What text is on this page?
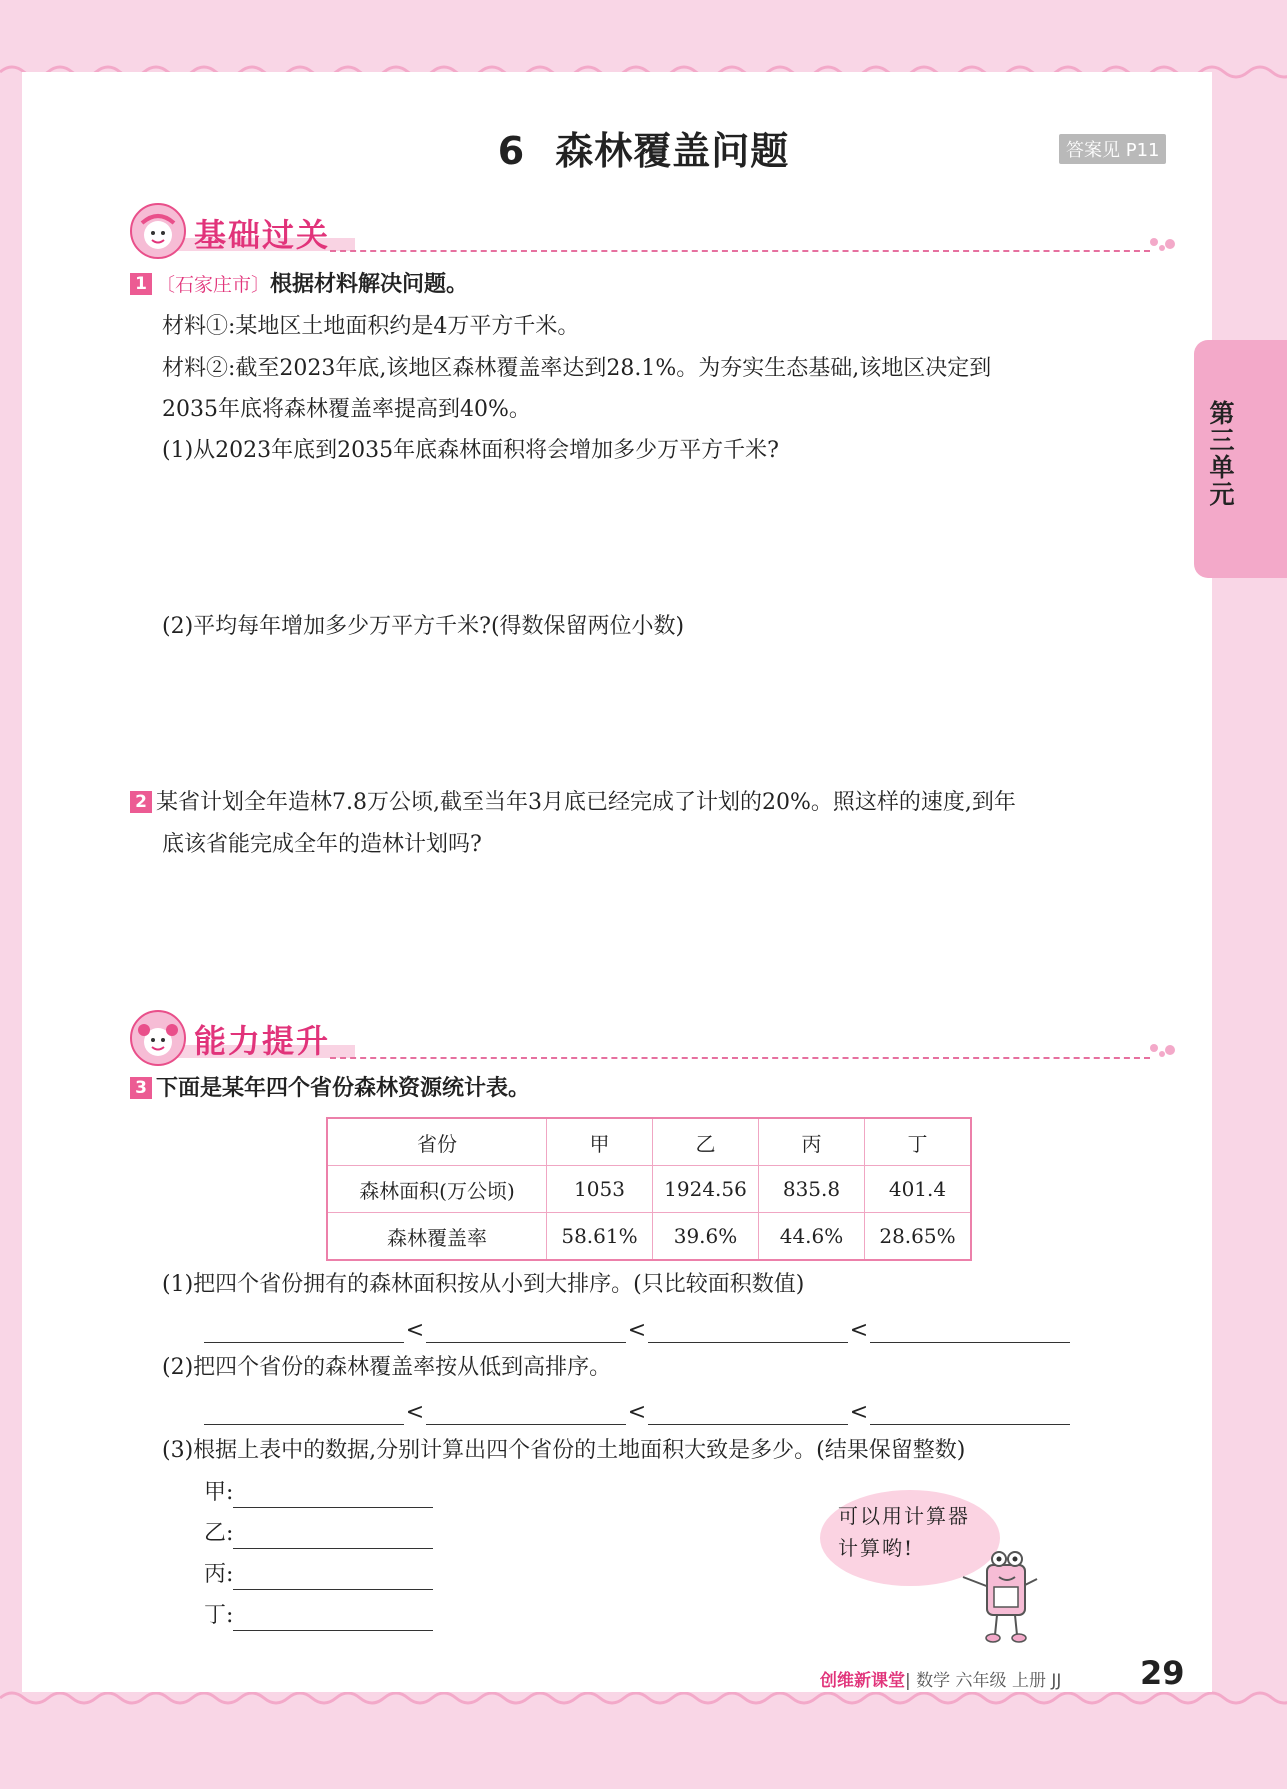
6 森林覆盖问题	答案见 P11
第三单元
基础过关
1 〔石家庄市〕根据材料解决问题。
材料①:某地区土地面积约是4万平方千米。
材料②:截至2023年底,该地区森林覆盖率达到28.1%。为夯实生态基础,该地区决定到
2035年底将森林覆盖率提高到40%。
(1)从2023年底到2035年底森林面积将会增加多少万平方千米?
(2)平均每年增加多少万平方千米?(得数保留两位小数)
2 某省计划全年造林7.8万公顷,截至当年3月底已经完成了计划的20%。照这样的速度,到年
底该省能完成全年的造林计划吗?
能力提升
3 下面是某年四个省份森林资源统计表。
省份	甲	乙	丙	丁
森林面积(万公顷)	1053	1924.56	835.8	401.4
森林覆盖率	58.61%	39.6%	44.6%	28.65%
(1)把四个省份拥有的森林面积按从小到大排序。(只比较面积数值)
<	<	<
(2)把四个省份的森林覆盖率按从低到高排序。
<	<	<
(3)根据上表中的数据,分别计算出四个省份的土地面积大致是多少。(结果保留整数)
甲:
乙:
丙:
丁:
可以用计算器
计算哟!
创维新课堂| 数学 六年级 上册 JJ 29
